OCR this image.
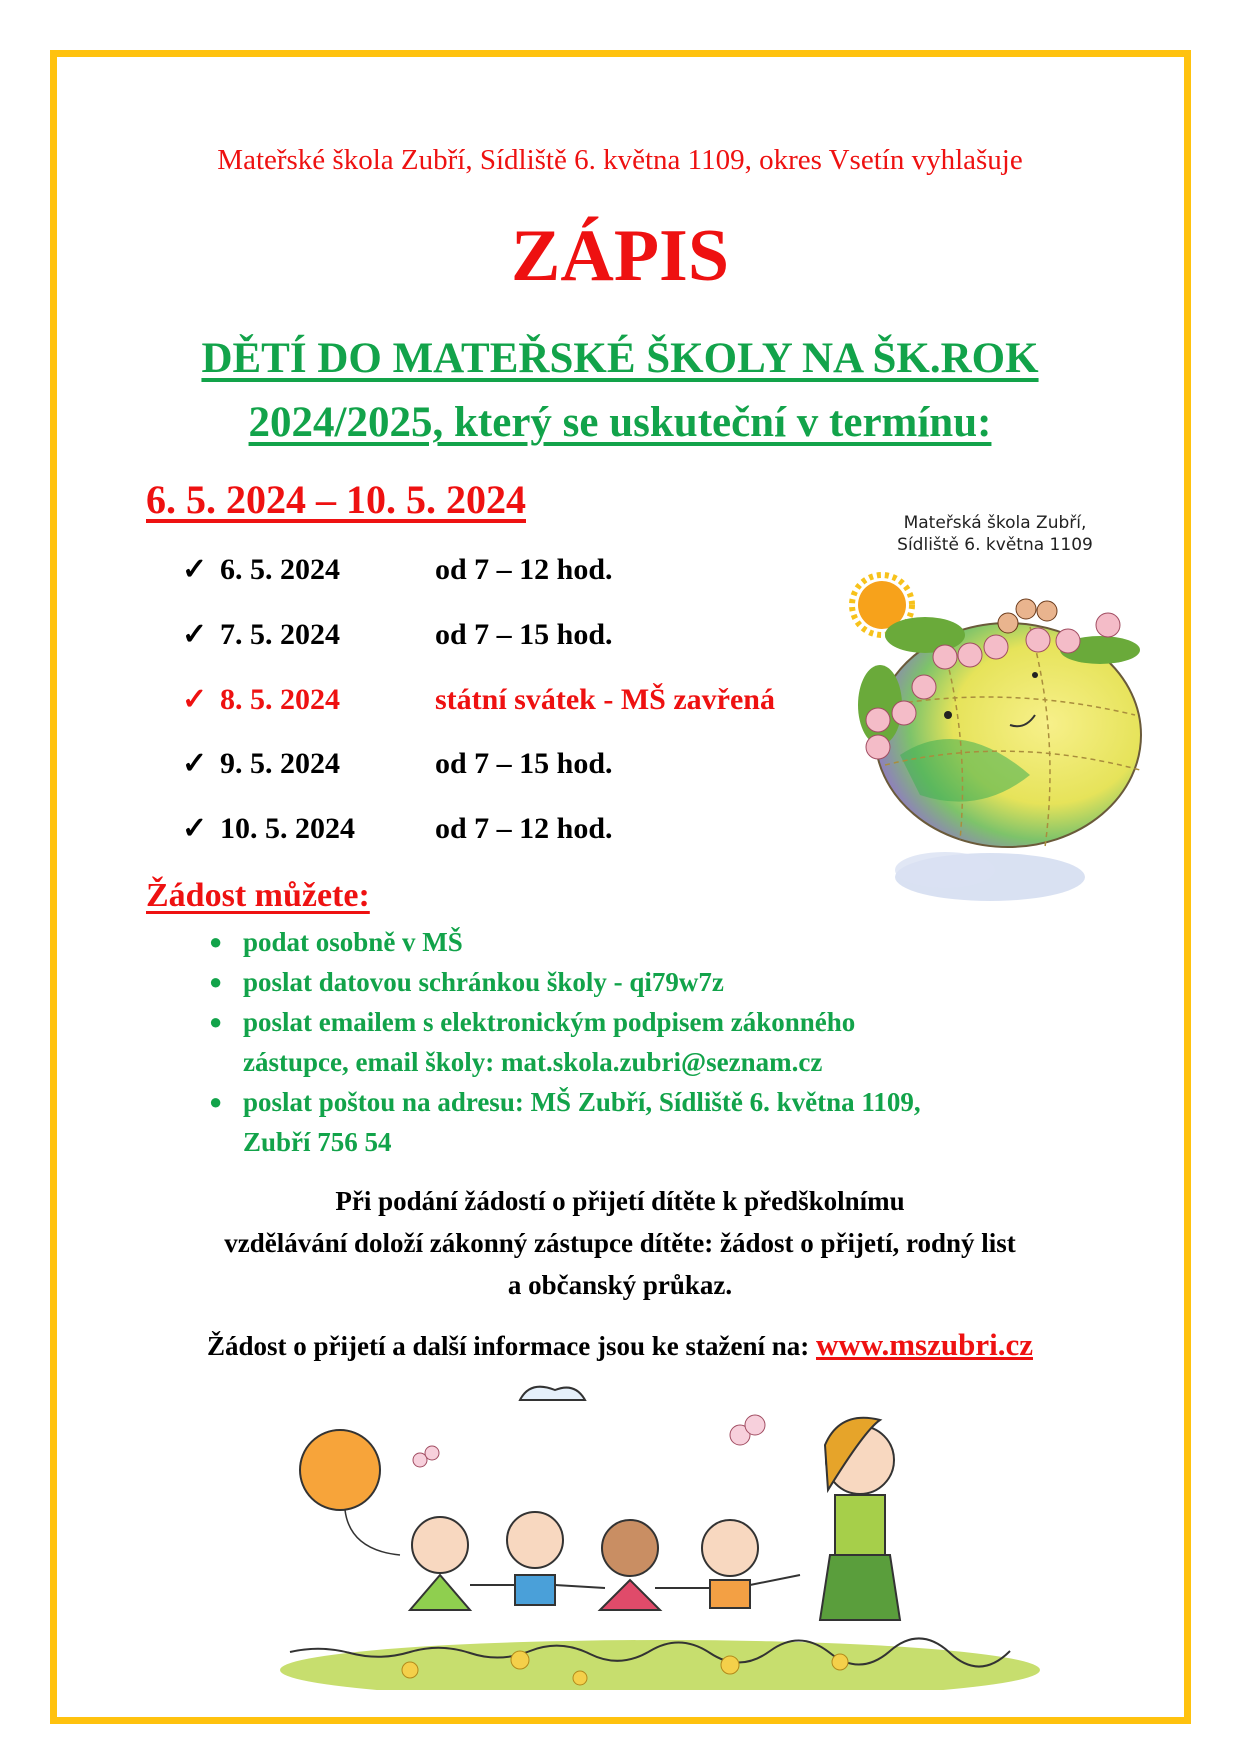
Mateřské škola Zubří, Sídliště 6. května 1109, okres Vsetín vyhlašuje
ZÁPIS
DĚTÍ DO MATEŘSKÉ ŠKOLY NA ŠK.ROK
2024/2025, který se uskuteční v termínu:
6. 5. 2024 – 10. 5. 2024
✓ 6. 5. 2024	od 7 – 12 hod.
✓ 7. 5. 2024	od 7 – 15 hod.
✓ 8. 5. 2024	státní svátek - MŠ zavřená
✓ 9. 5. 2024	od 7 – 15 hod.
✓ 10. 5. 2024	od 7 – 12 hod.
Mateřská škola Zubří,
Sídliště 6. května 1109
Žádost můžete:
● podat osobně v MŠ
● poslat datovou schránkou školy - qi79w7z
● poslat emailem s elektronickým podpisem zákonného zástupce, email školy: mat.skola.zubri@seznam.cz
● poslat poštou na adresu: MŠ Zubří, Sídliště 6. května 1109, Zubří 756 54
Při podání žádostí o přijetí dítěte k předškolnímu
vzdělávání doloží zákonný zástupce dítěte: žádost o přijetí, rodný list
a občanský průkaz.
Žádost o přijetí a další informace jsou ke stažení na: www.mszubri.cz
